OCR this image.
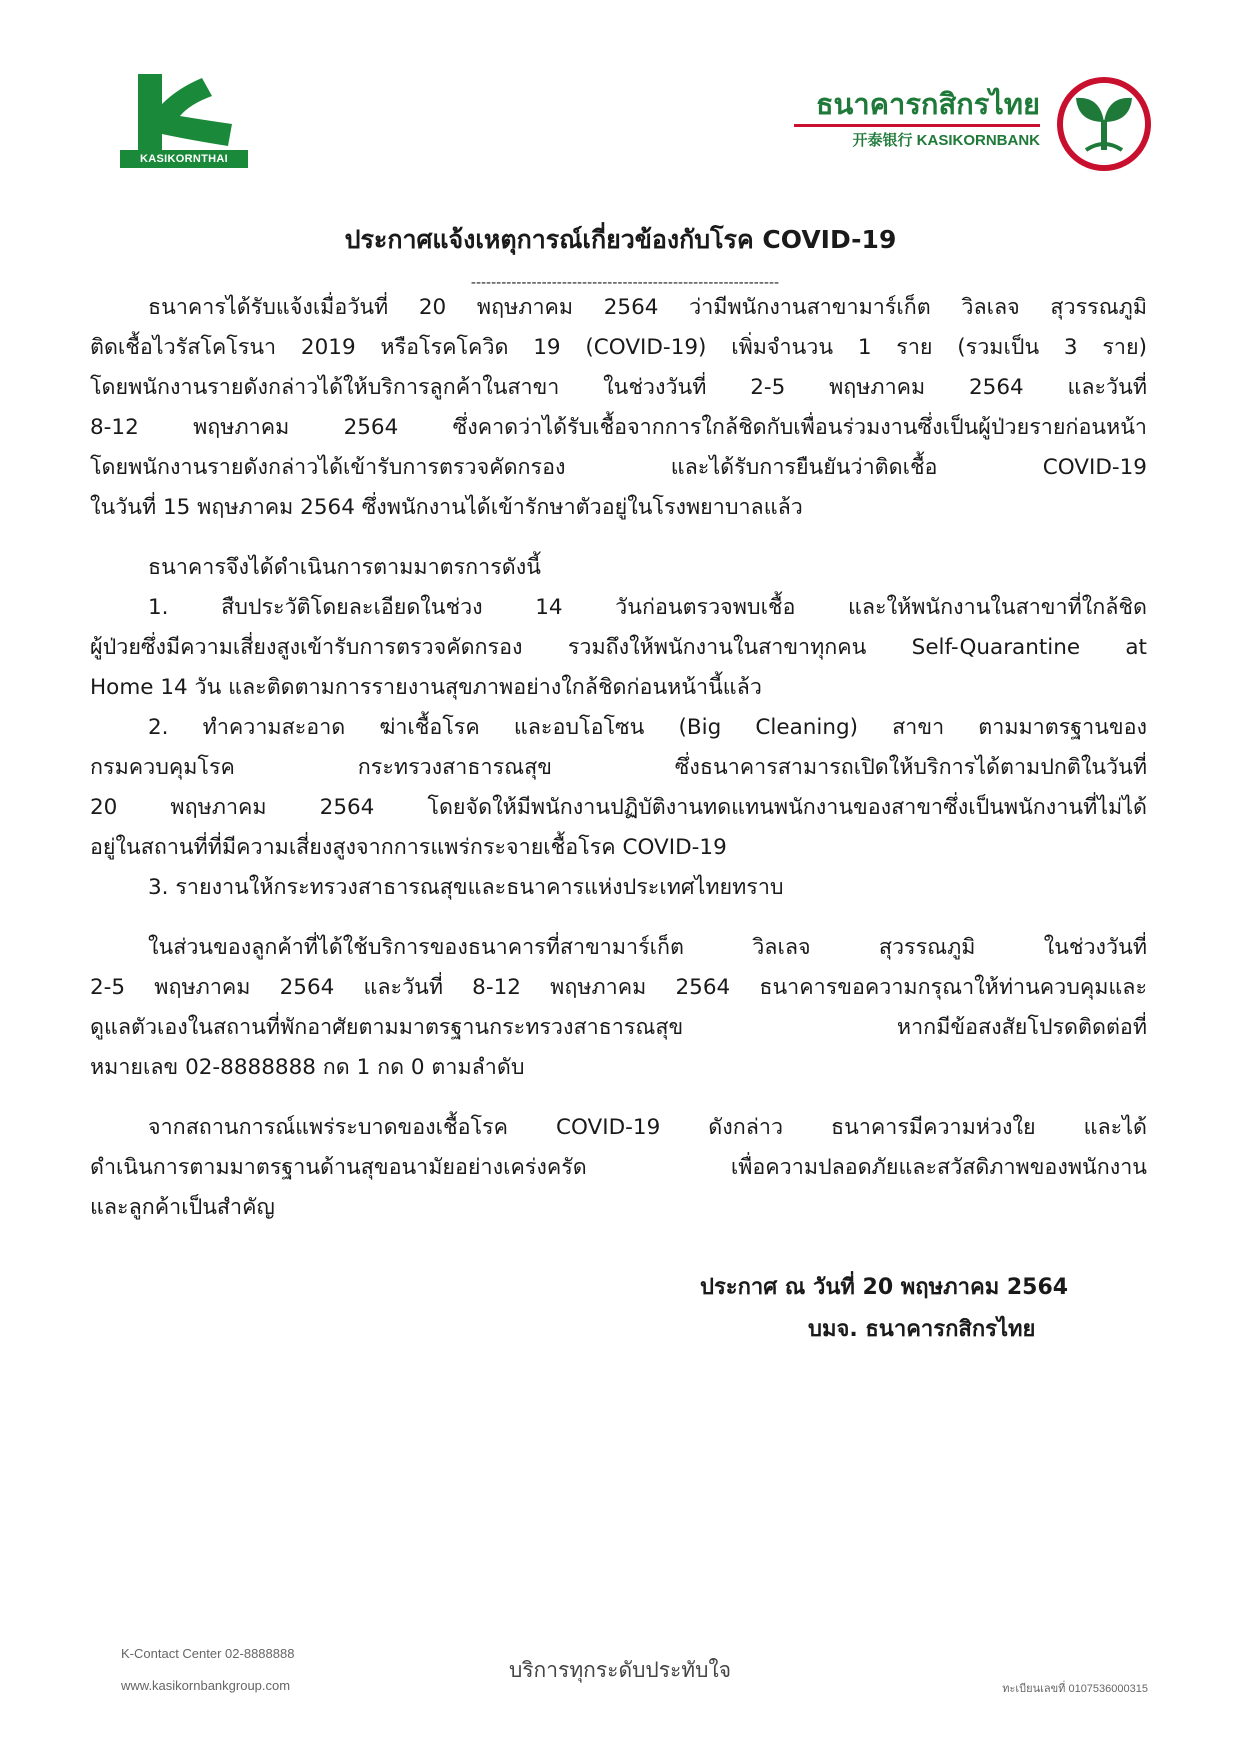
KASIKORNTHAI
ธนาคารกสิกรไทย
开泰银行 KASIKORNBANK
ประกาศแจ้งเหตุการณ์เกี่ยวข้องกับโรค COVID-19
-------------------------------------------------------------
ธนาคารได้รับแจ้งเมื่อวันที่ 20 พฤษภาคม 2564 ว่ามีพนักงานสาขามาร์เก็ต วิลเลจ สุวรรณภูมิ
ติดเชื้อไวรัสโคโรนา 2019 หรือโรคโควิด 19 (COVID-19) เพิ่มจำนวน 1 ราย (รวมเป็น 3 ราย)
โดยพนักงานรายดังกล่าวได้ให้บริการลูกค้าในสาขา ในช่วงวันที่ 2-5 พฤษภาคม 2564 และวันที่
8-12 พฤษภาคม 2564 ซึ่งคาดว่าได้รับเชื้อจากการใกล้ชิดกับเพื่อนร่วมงานซึ่งเป็นผู้ป่วยรายก่อนหน้า
โดยพนักงานรายดังกล่าวได้เข้ารับการตรวจคัดกรอง และได้รับการยืนยันว่าติดเชื้อ COVID-19
ในวันที่ 15 พฤษภาคม 2564 ซึ่งพนักงานได้เข้ารักษาตัวอยู่ในโรงพยาบาลแล้ว
ธนาคารจึงได้ดำเนินการตามมาตรการดังนี้
1. สืบประวัติโดยละเอียดในช่วง 14 วันก่อนตรวจพบเชื้อ และให้พนักงานในสาขาที่ใกล้ชิด
ผู้ป่วยซึ่งมีความเสี่ยงสูงเข้ารับการตรวจคัดกรอง รวมถึงให้พนักงานในสาขาทุกคน Self-Quarantine at
Home 14 วัน และติดตามการรายงานสุขภาพอย่างใกล้ชิดก่อนหน้านี้แล้ว
2. ทำความสะอาด ฆ่าเชื้อโรค และอบโอโซน (Big Cleaning) สาขา ตามมาตรฐานของ
กรมควบคุมโรค กระทรวงสาธารณสุข ซึ่งธนาคารสามารถเปิดให้บริการได้ตามปกติในวันที่
20 พฤษภาคม 2564 โดยจัดให้มีพนักงานปฏิบัติงานทดแทนพนักงานของสาขาซึ่งเป็นพนักงานที่ไม่ได้
อยู่ในสถานที่ที่มีความเสี่ยงสูงจากการแพร่กระจายเชื้อโรค COVID-19
3. รายงานให้กระทรวงสาธารณสุขและธนาคารแห่งประเทศไทยทราบ
ในส่วนของลูกค้าที่ได้ใช้บริการของธนาคารที่สาขามาร์เก็ต วิลเลจ สุวรรณภูมิ ในช่วงวันที่
2-5 พฤษภาคม 2564 และวันที่ 8-12 พฤษภาคม 2564 ธนาคารขอความกรุณาให้ท่านควบคุมและ
ดูแลตัวเองในสถานที่พักอาศัยตามมาตรฐานกระทรวงสาธารณสุข หากมีข้อสงสัยโปรดติดต่อที่
หมายเลข 02-8888888 กด 1 กด 0 ตามลำดับ
จากสถานการณ์แพร่ระบาดของเชื้อโรค COVID-19 ดังกล่าว ธนาคารมีความห่วงใย และได้
ดำเนินการตามมาตรฐานด้านสุขอนามัยอย่างเคร่งครัด เพื่อความปลอดภัยและสวัสดิภาพของพนักงาน
และลูกค้าเป็นสำคัญ
ประกาศ ณ วันที่ 20 พฤษภาคม 2564
บมจ. ธนาคารกสิกรไทย
K-Contact Center 02-8888888
www.kasikornbankgroup.com
บริการทุกระดับประทับใจ
ทะเบียนเลขที่ 0107536000315
